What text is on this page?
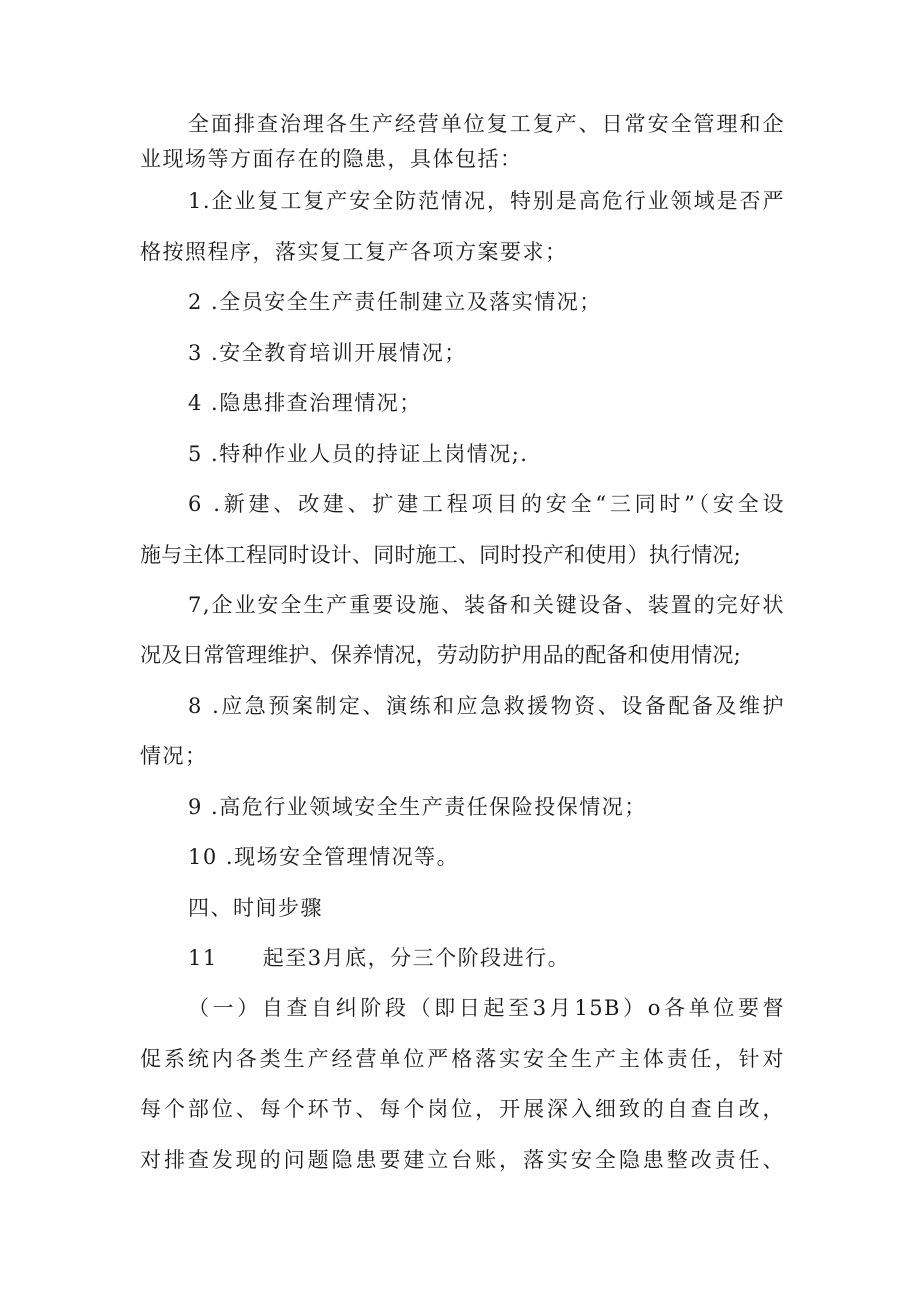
全面排查治理各生产经营单位复工复产、日常安全管理和企
业现场等方面存在的隐患，具体包括：
1.企业复工复产安全防范情况，特别是高危行业领域是否严
格按照程序，落实复工复产各项方案要求；
2 .全员安全生产责任制建立及落实情况；
3 .安全教育培训开展情况；
4 .隐患排查治理情况；
5 .特种作业人员的持证上岗情况;.
6 .新建、改建、扩建工程项目的安全“三同时”（安全设
施与主体工程同时设计、同时施工、同时投产和使用）执行情况;
7,企业安全生产重要设施、装备和关键设备、装置的完好状
况及日常管理维护、保养情况，劳动防护用品的配备和使用情况;
8 .应急预案制定、演练和应急救援物资、设备配备及维护
情况；
9 .高危行业领域安全生产责任保险投保情况；
10 .现场安全管理情况等。
四、时间步骤
11　　起至3月底，分三个阶段进行。
（一）自查自纠阶段（即日起至3月15B）o各单位要督
促系统内各类生产经营单位严格落实安全生产主体责任，针对
每个部位、每个环节、每个岗位，开展深入细致的自查自改，
对排查发现的问题隐患要建立台账，落实安全隐患整改责任、
